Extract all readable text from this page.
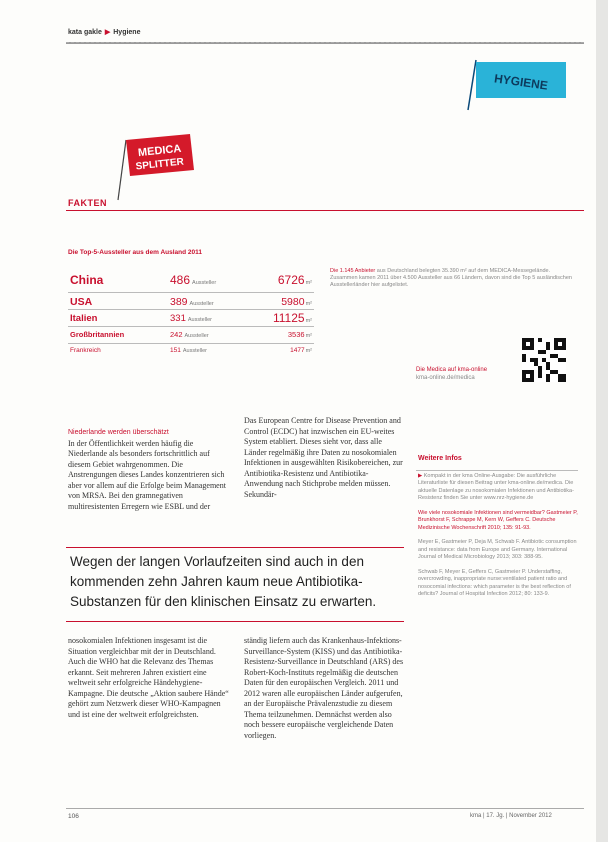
kata gakle ▶ Hygiene
HYGIENE
MEDICA
SPLITTER
FAKTEN
Die Top-5-Aussteller aus dem Ausland 2011
China	486 Aussteller	6726m²
USA	389 Aussteller	5980m²
Italien	331 Aussteller	11125m²
Großbritannien	242 Aussteller	3536m²
Frankreich	151 Aussteller	1477m²
Die 1.145 Anbieter aus Deutschland belegten 35.390 m² auf dem MEDICA-Messegelände. Zusammen kamen 2011 über 4.500 Aussteller aus 66 Ländern, davon sind die Top 5 ausländischen Ausstellerländer hier aufgelistet.
Die Medica auf kma-online
kma-online.de/medica
Niederlande werden überschätzt
In der Öffentlichkeit werden häufig die Niederlande als besonders fortschrittlich auf diesem Gebiet wahrgenommen. Die Anstrengungen dieses Landes konzentrieren sich aber vor allem auf die Erfolge beim Management von MRSA. Bei den gramnegativen multiresistenten Erregern wie ESBL und der
Das European Centre for Disease Prevention and Control (ECDC) hat inzwischen ein EU-weites System etabliert. Dieses sieht vor, dass alle Länder regelmäßig ihre Daten zu nosokomialen Infektionen in ausgewählten Risikobereichen, zur Antibiotika-Resistenz und Antibiotika-Anwendung nach Stichprobe melden müssen. Sekundär-
Wegen der langen Vorlaufzeiten sind auch in den kommenden zehn Jahren kaum neue Antibiotika-Substanzen für den klinischen Einsatz zu erwarten.
nosokomialen Infektionen insgesamt ist die Situation vergleichbar mit der in Deutschland. Auch die WHO hat die Relevanz des Themas erkannt. Seit mehreren Jahren existiert eine weltweit sehr erfolgreiche Händehygiene-Kampagne. Die deutsche „Aktion saubere Hände“ gehört zum Netzwerk dieser WHO-Kampagnen und ist eine der weltweit erfolgreichsten.
ständig liefern auch das Krankenhaus-Infektions-Surveillance-System (KISS) und das Antibiotika-Resistenz-Surveillance in Deutschland (ARS) des Robert-Koch-Instituts regelmäßig die deutschen Daten für den europäischen Vergleich. 2011 und 2012 waren alle europäischen Länder aufgerufen, an der Europäische Prävalenzstudie zu diesem Thema teilzunehmen. Demnächst werden also noch bessere europäische vergleichende Daten vorliegen.

Weitere Infos

▶ Kompakt in der kma Online-Ausgabe: Die ausführliche Literaturliste für diesen Beitrag unter kma-online.de/medica. Die aktuelle Datenlage zu nosokomialen Infektionen und Antibiotika-Resistenz finden Sie unter www.nrz-hygiene.de

Wie viele nosokomiale Infektionen sind vermeidbar? Gastmeier P, Brunkhorst F, Schrappe M, Kern W, Geffers C. Deutsche Medizinische Wochenschrift 2010; 135: 91-93.

Meyer E, Gastmeier P, Deja M, Schwab F. Antibiotic consumption and resistance: data from Europe and Germany. International Journal of Medical Microbiology 2013; 303: 388-95.

Schwab F, Meyer E, Geffers C, Gastmeier P. Understaffing, overcrowding, inappropriate nurse:ventilated patient ratio and nosocomial infections: which parameter is the best reflection of deficits? Journal of Hospital Infection 2012; 80: 133-9.

106	kma | 17. Jg. | November 2012
